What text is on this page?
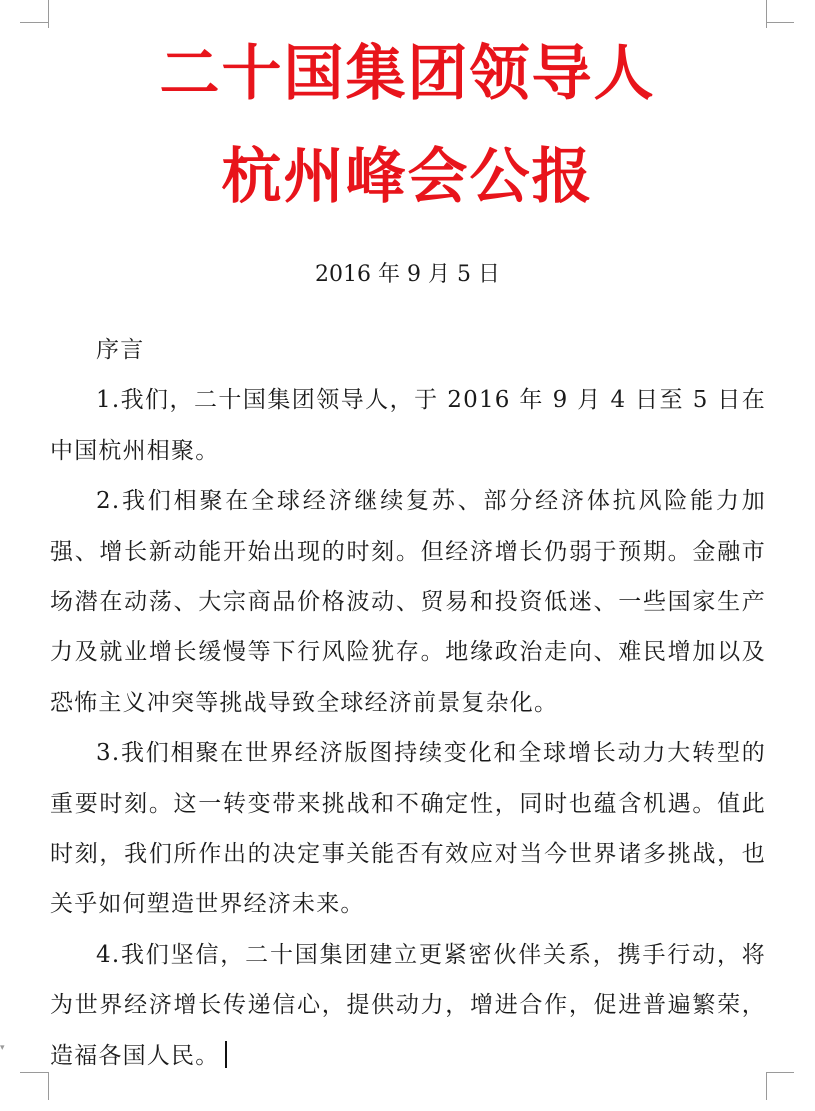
▾
二十国集团领导人
杭州峰会公报

2016 年 9 月 5 日

序言

1.我们，二十国集团领导人，于 2016 年 9 月 4 日至 5 日在中国杭州相聚。

2.我们相聚在全球经济继续复苏、部分经济体抗风险能力加强、增长新动能开始出现的时刻。但经济增长仍弱于预期。金融市场潜在动荡、大宗商品价格波动、贸易和投资低迷、一些国家生产力及就业增长缓慢等下行风险犹存。地缘政治走向、难民增加以及恐怖主义冲突等挑战导致全球经济前景复杂化。

3.我们相聚在世界经济版图持续变化和全球增长动力大转型的重要时刻。这一转变带来挑战和不确定性，同时也蕴含机遇。值此时刻，我们所作出的决定事关能否有效应对当今世界诸多挑战，也关乎如何塑造世界经济未来。

4.我们坚信，二十国集团建立更紧密伙伴关系，携手行动，将为世界经济增长传递信心，提供动力，增进合作，促进普遍繁荣，造福各国人民。
